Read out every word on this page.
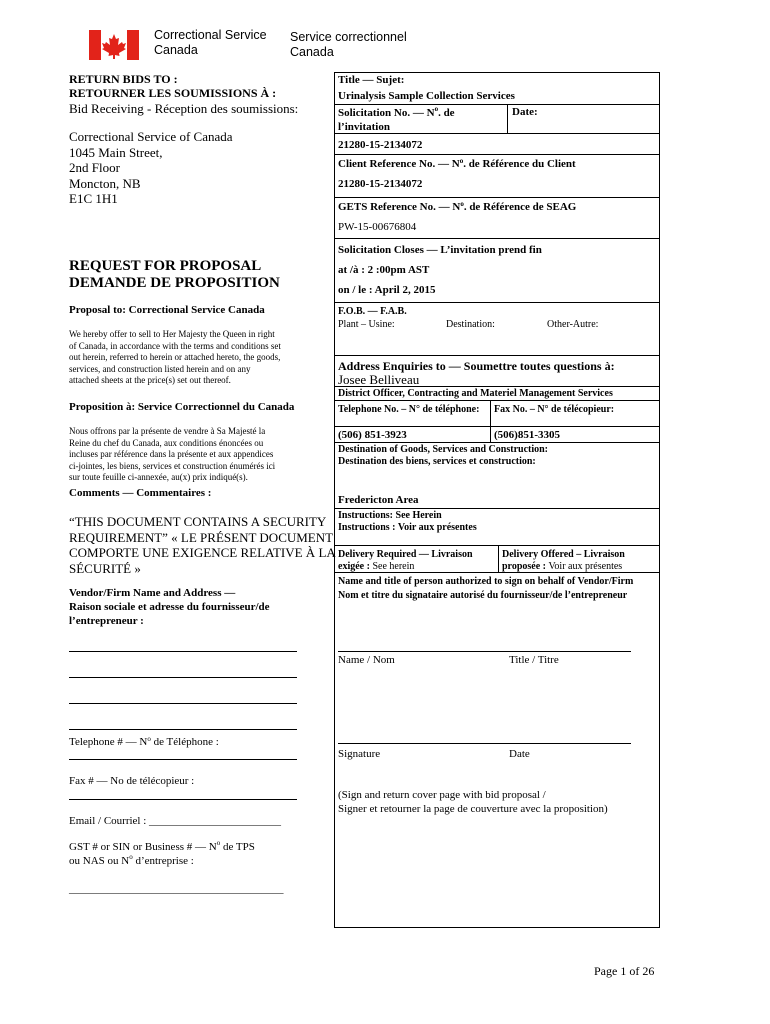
Correctional Service
Canada
Service correctionnel
Canada
RETURN BIDS TO :
RETOURNER LES SOUMISSIONS À :
Bid Receiving - Réception des soumissions:
Correctional Service of Canada
1045 Main Street,
2nd Floor
Moncton, NB
E1C 1H1
REQUEST FOR PROPOSAL
DEMANDE DE PROPOSITION
Proposal to: Correctional Service Canada
We hereby offer to sell to Her Majesty the Queen in right
of Canada, in accordance with the terms and conditions set
out herein, referred to herein or attached hereto, the goods,
services, and construction listed herein and on any
attached sheets at the price(s) set out thereof.
Proposition à: Service Correctionnel du Canada
Nous offrons par la présente de vendre à Sa Majesté la
Reine du chef du Canada, aux conditions énoncées ou
incluses par référence dans la présente et aux appendices
ci-jointes, les biens, services et construction énumérés ici
sur toute feuille ci-annexée, au(x) prix indiqué(s).
Comments — Commentaires :
“THIS DOCUMENT CONTAINS A SECURITY
REQUIREMENT” « LE PRÉSENT DOCUMENT
COMPORTE UNE EXIGENCE RELATIVE À LA
SÉCURITÉ »
Vendor/Firm Name and Address —
Raison sociale et adresse du fournisseur/de
l’entrepreneur :
Telephone # — $N^o$ de Téléphone :
Fax # — No de télécopieur :
Email / Courriel : ________________________
GST # or SIN or Business # — $N^o$ de TPS
ou NAS ou $N^o$ d’entreprise :
_______________________________________
Title — Sujet:
Urinalysis Sample Collection Services
Solicitation No. — $N^o$. de
l’invitation
Date:
21280-15-2134072
Client Reference No. — $N^o$. de Référence du Client
21280-15-2134072
GETS Reference No. — $N^o$. de Référence de SEAG
PW-15-00676804
Solicitation Closes — L’invitation prend fin
at /à : 2 :00pm AST
on / le : April 2, 2015
F.O.B. — F.A.B.
Plant – Usine:	Destination:	Other-Autre:
Address Enquiries to — Soumettre toutes questions à:
Josee Belliveau
District Officer, Contracting and Materiel Management Services
Telephone No. – N° de téléphone: Fax No. – N° de télécopieur:
(506) 851-3923	(506)851-3305
Destination of Goods, Services and Construction:
Destination des biens, services et construction:
Fredericton Area
Instructions: See Herein
Instructions : Voir aux présentes
Delivery Required — Livraison
exigée : See herein
Delivery Offered – Livraison
proposée : Voir aux présentes
Name and title of person authorized to sign on behalf of Vendor/Firm
Nom et titre du signataire autorisé du fournisseur/de l’entrepreneur
Name / Nom	Title / Titre
Signature	Date
(Sign and return cover page with bid proposal /
Signer et retourner la page de couverture avec la proposition)
Page 1 of 26
